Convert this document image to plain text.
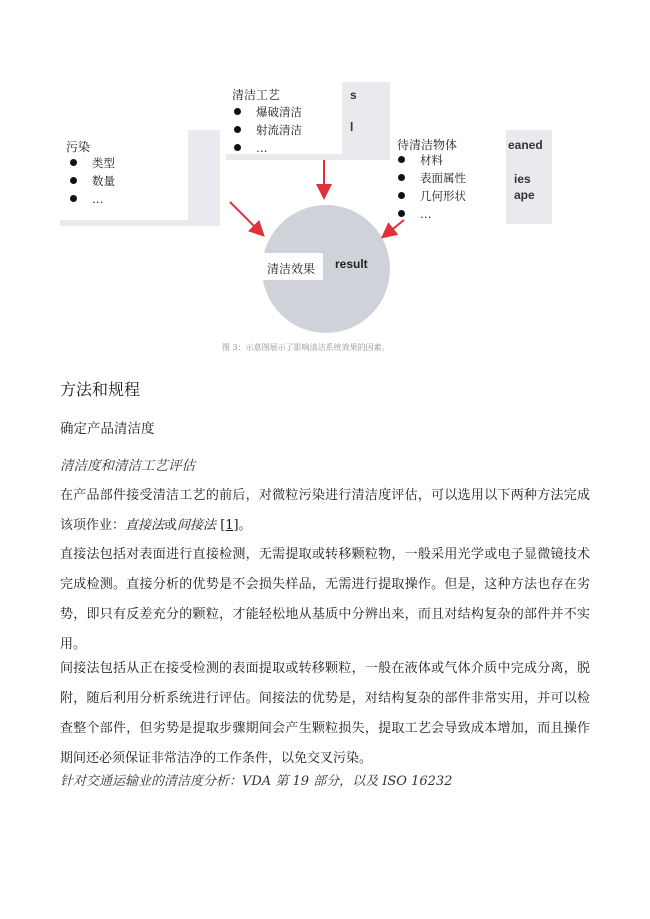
清洁工艺
爆破清洁
射流清洁
…
s
l
污染
类型
数量
…
待清洁物体
材料
表面属性
几何形状
…
eaned
ies
ape
清洁效果 result
图 3：示意图展示了影响清洁系统效果的因素。
方法和规程
确定产品清洁度
清洁度和清洁工艺评估
在产品部件接受清洁工艺的前后，对微粒污染进行清洁度评估，可以选用以下两种方法完成该项作业：直接法或间接法 [1]。
直接法包括对表面进行直接检测，无需提取或转移颗粒物，一般采用光学或电子显微镜技术完成检测。直接分析的优势是不会损失样品，无需进行提取操作。但是，这种方法也存在劣势，即只有反差充分的颗粒，才能轻松地从基质中分辨出来，而且对结构复杂的部件并不实用。
间接法包括从正在接受检测的表面提取或转移颗粒，一般在液体或气体介质中完成分离，脱附，随后利用分析系统进行评估。间接法的优势是，对结构复杂的部件非常实用，并可以检查整个部件，但劣势是提取步骤期间会产生颗粒损失，提取工艺会导致成本增加，而且操作期间还必须保证非常洁净的工作条件，以免交叉污染。
针对交通运输业的清洁度分析：VDA 第 19 部分，以及 ISO 16232
